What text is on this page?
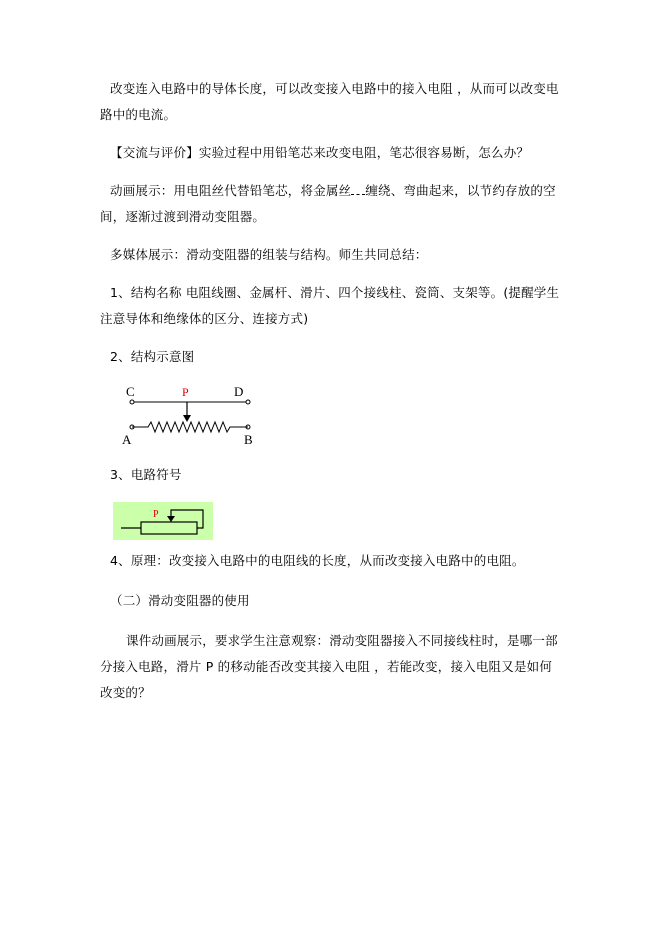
改变连入电路中的导体长度，可以改变接入电路中的接入电阻 ，从而可以改变电路中的电流。

【交流与评价】实验过程中用铅笔芯来改变电阻，笔芯很容易断，怎么办？

动画展示：用电阻丝代替铅笔芯，将金属丝 缠绕、弯曲起来，以节约存放的空间，逐渐过渡到滑动变阻器。

多媒体展示：滑动变阻器的组装与结构。师生共同总结：

1、结构名称 电阻线圈、金属杆、滑片、四个接线柱、瓷筒、支架等。(提醒学生注意导体和绝缘体的区分、连接方式)

2、结构示意图

C	D
P
A	B

3、电路符号

P

4、原理：改变接入电路中的电阻线的长度，从而改变接入电路中的电阻。

（二）滑动变阻器的使用

课件动画展示，要求学生注意观察：滑动变阻器接入不同接线柱时，是哪一部分接入电路，滑片 P 的移动能否改变其接入电阻 ，若能改变，接入电阻又是如何改变的？
